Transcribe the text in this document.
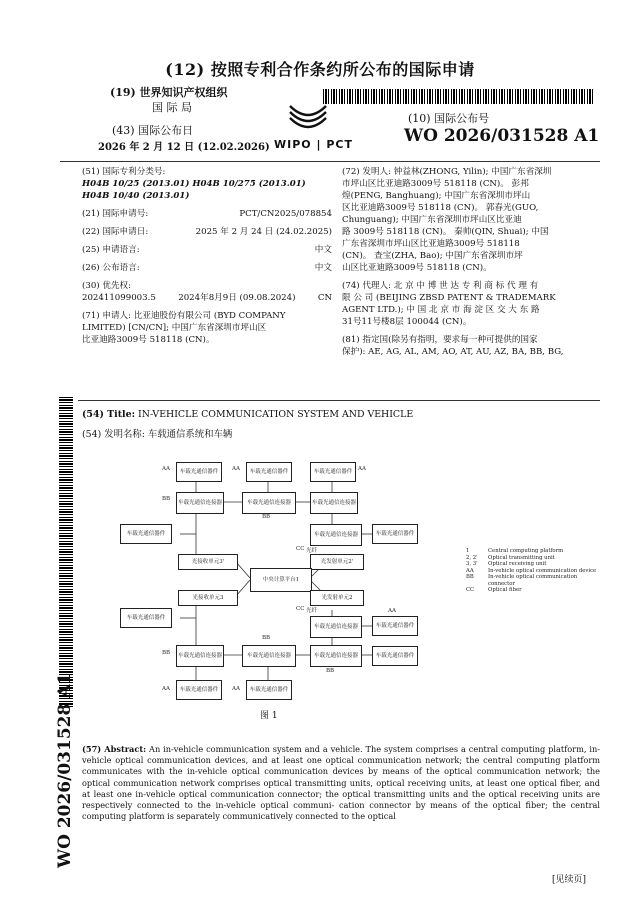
(12) 按照专利合作条约所公布的国际申请
(19) 世界知识产权组织
国 际 局
(43) 国际公布日
2026 年 2 月 12 日 (12.02.2026) WIPO | PCT
(10) 国际公布号
WO 2026/031528 A1

(51) 国际专利分类号:

H04B 10/25 (2013.01) H04B 10/275 (2013.01)

H04B 10/40 (2013.01)

(21) 国际申请号:	PCT/CN2025/078854
(22) 国际申请日:	2025 年 2 月 24 日 (24.02.2025)
(25) 申请语言:	中文
(26) 公布语言:	中文

(30) 优先权:

202411099003.5	2024年8月9日 (09.08.2024)	CN

(71) 申请人: 比亚迪股份有限公司 (BYD COMPANY

LIMITED) [CN/CN]; 中国广东省深圳市坪山区

比亚迪路3009号 518118 (CN)。

(72) 发明人: 钟益林(ZHONG, Yilin); 中国广东省深圳

市坪山区比亚迪路3009号 518118 (CN)。 彭邦

煌(PENG, Banghuang); 中国广东省深圳市坪山

区比亚迪路3009号 518118 (CN)。 郭春光(GUO,

Chunguang); 中国广东省深圳市坪山区比亚迪

路 3009号 518118 (CN)。 秦帅(QIN, Shuai); 中国

广东省深圳市坪山区比亚迪路3009号 518118

(CN)。 查宝(ZHA, Bao); 中国广东省深圳市坪

山区比亚迪路3009号 518118 (CN)。

(74) 代理人: 北 京 中 博 世 达 专 利 商 标 代 理 有

限 公 司 (BEIJING ZBSD PATENT & TRADEMARK

AGENT LTD.); 中 国 北 京 市 海 淀 区 交 大 东 路

31号11号楼8层 100044 (CN)。

(81) 指定国(除另有指明，要求每一种可提供的国家

保护): AE, AG, AL, AM, AO, AT, AU, AZ, BA, BB, BG,

(54) Title: IN-VEHICLE COMMUNICATION SYSTEM AND VEHICLE
(54) 发明名称: 车载通信系统和车辆
车载光通信器件	车载光通信器件	车载光通信器件
车载光通信连接器	车载光通信连接器	车载光通信连接器
车载光通信器件	车载光通信连接器	车载光通信器件
光接收单元3'	光发射单元2'
中央计算平台1
光接收单元3	光发射单元2
车载光通信器件
车载光通信连接器	车载光通信器件
车载光通信连接器	车载光通信连接器	车载光通信连接器	车载光通信器件
车载光通信器件	车载光通信器件
AA	AA	AA
BB
BB
CC 光纤
CC 光纤	AA
BB
BB
BB
AA	AA
图 1
1	Central computing platform
2, 2'	Optical transmitting unit
3, 3'	Optical receiving unit
AA	In-vehicle optical communication device
BB	In-vehicle optical communication connector
CC	Optical fiber
WO 2026/031528 A1 (57) Abstract: An in-vehicle communication system and a vehicle. The system comprises a central computing platform, in-vehicle optical communication devices, and at least one optical communication network; the central computing platform communicates with the in-vehicle optical communication devices by means of the optical communication network; the optical communication network comprises optical transmitting units, optical receiving units, at least one optical fiber, and at least one in-vehicle optical communication connector; the optical transmitting units and the optical receiving units are respectively connected to the in-vehicle optical communi- cation connector by means of the optical fiber; the central computing platform is separately communicatively connected to the optical
[见续页]
